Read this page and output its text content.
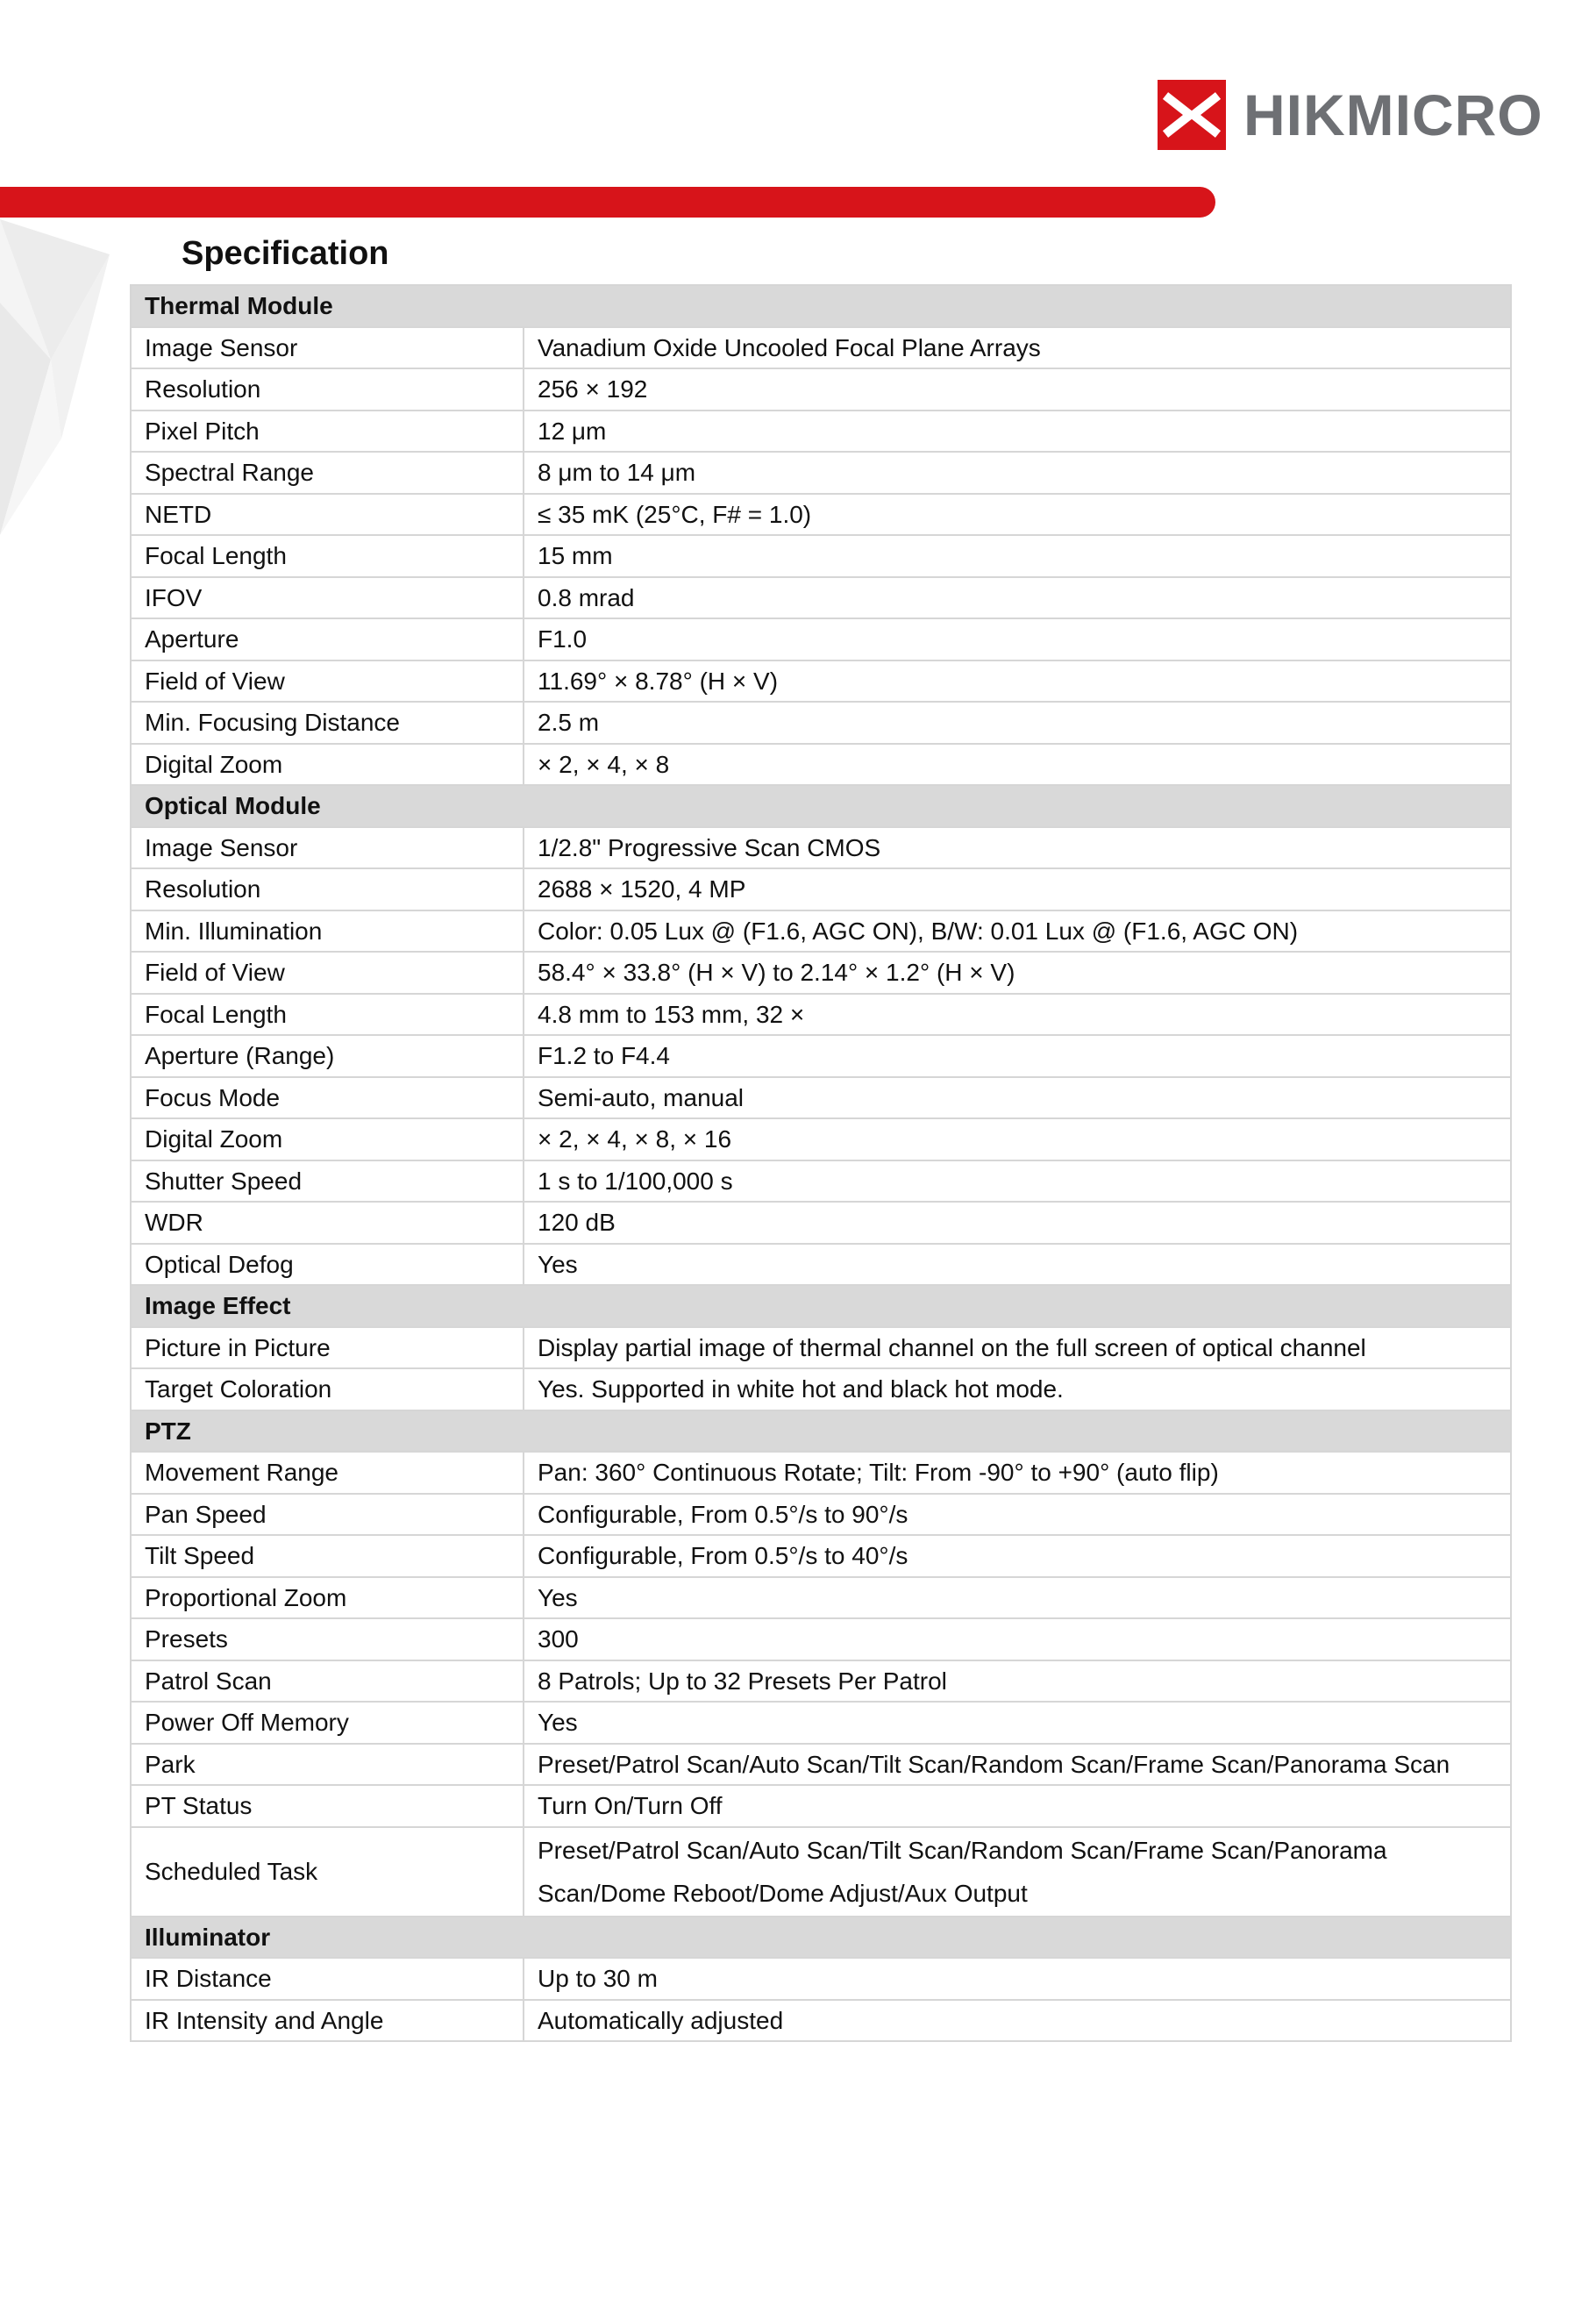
HIKMICRO
Specification
Thermal Module	
Image Sensor	Vanadium Oxide Uncooled Focal Plane Arrays
Resolution	256 × 192
Pixel Pitch	12 μm
Spectral Range	8 μm to 14 μm
NETD	≤ 35 mK (25°C, F# = 1.0)
Focal Length	15 mm
IFOV	0.8 mrad
Aperture	F1.0
Field of View	11.69° × 8.78° (H × V)
Min. Focusing Distance	2.5 m
Digital Zoom	× 2, × 4, × 8
Optical Module	
Image Sensor	1/2.8" Progressive Scan CMOS
Resolution	2688 × 1520, 4 MP
Min. Illumination	Color: 0.05 Lux @ (F1.6, AGC ON), B/W: 0.01 Lux @ (F1.6, AGC ON)
Field of View	58.4° × 33.8° (H × V) to 2.14° × 1.2° (H × V)
Focal Length	4.8 mm to 153 mm, 32 ×
Aperture (Range)	F1.2 to F4.4
Focus Mode	Semi-auto, manual
Digital Zoom	× 2, × 4, × 8, × 16
Shutter Speed	1 s to 1/100,000 s
WDR	120 dB
Optical Defog	Yes
Image Effect	
Picture in Picture	Display partial image of thermal channel on the full screen of optical channel
Target Coloration	Yes. Supported in white hot and black hot mode.
PTZ	
Movement Range	Pan: 360° Continuous Rotate; Tilt: From -90° to +90° (auto flip)
Pan Speed	Configurable, From 0.5°/s to 90°/s
Tilt Speed	Configurable, From 0.5°/s to 40°/s
Proportional Zoom	Yes
Presets	300
Patrol Scan	8 Patrols; Up to 32 Presets Per Patrol
Power Off Memory	Yes
Park	Preset/Patrol Scan/Auto Scan/Tilt Scan/Random Scan/Frame Scan/Panorama Scan
PT Status	Turn On/Turn Off
Scheduled Task	Preset/Patrol Scan/Auto Scan/Tilt Scan/Random Scan/Frame Scan/Panorama Scan/Dome Reboot/Dome Adjust/Aux Output
Illuminator	
IR Distance	Up to 30 m
IR Intensity and Angle	Automatically adjusted
